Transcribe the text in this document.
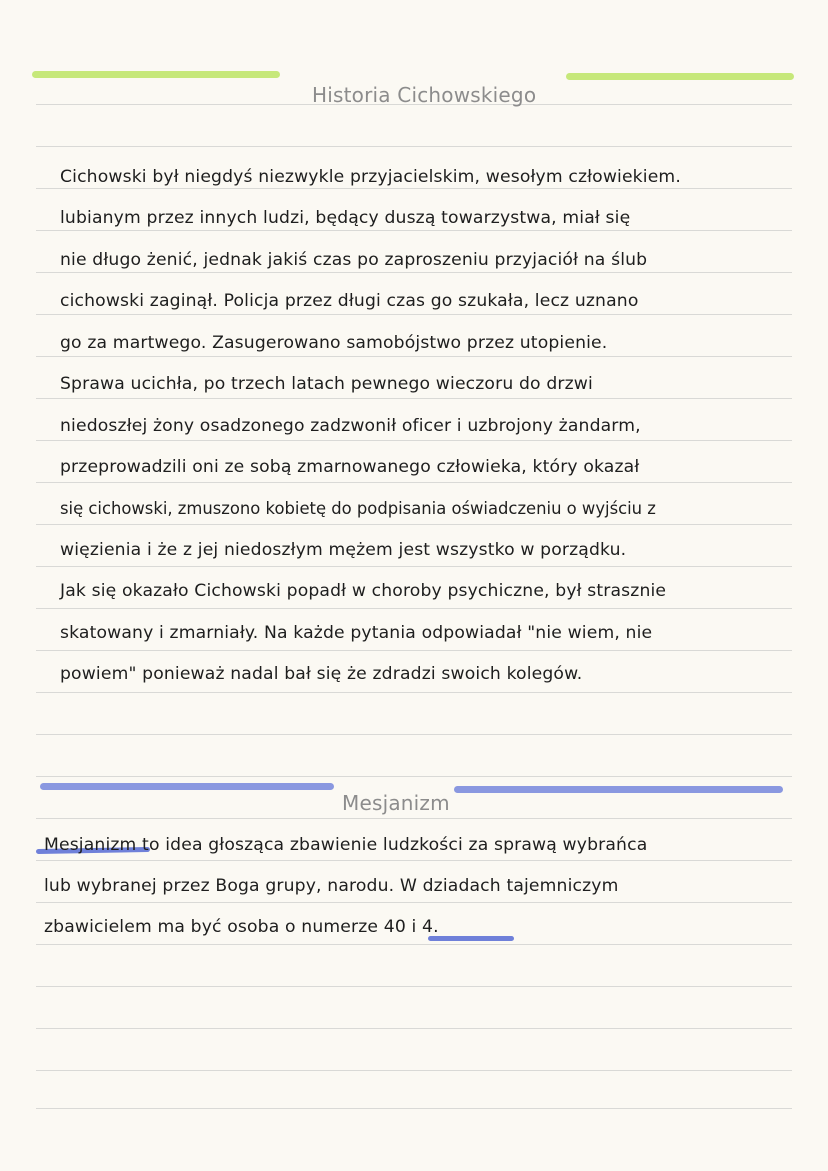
Historia Cichowskiego
Cichowski był niegdyś niezwykle przyjacielskim, wesołym człowiekiem.
lubianym przez innych ludzi, będący duszą towarzystwa, miał się
nie długo żenić, jednak jakiś czas po zaproszeniu przyjaciół na ślub
cichowski zaginął. Policja przez długi czas go szukała, lecz uznano
go za martwego. Zasugerowano samobójstwo przez utopienie.
Sprawa ucichła, po trzech latach pewnego wieczoru do drzwi
niedoszłej żony osadzonego zadzwonił oficer i uzbrojony żandarm,
przeprowadzili oni ze sobą zmarnowanego człowieka, który okazał
się cichowski, zmuszono kobietę do podpisania oświadczeniu o wyjściu z
więzienia i że z jej niedoszłym mężem jest wszystko w porządku.
Jak się okazało Cichowski popadł w choroby psychiczne, był strasznie
skatowany i zmarniały. Na każde pytania odpowiadał "nie wiem, nie
powiem" ponieważ nadal bał się że zdradzi swoich kolegów.
Mesjanizm
Mesjanizm to idea głosząca zbawienie ludzkości za sprawą wybrańca
lub wybranej przez Boga grupy, narodu. W dziadach tajemniczym
zbawicielem ma być osoba o numerze 40 i 4.
